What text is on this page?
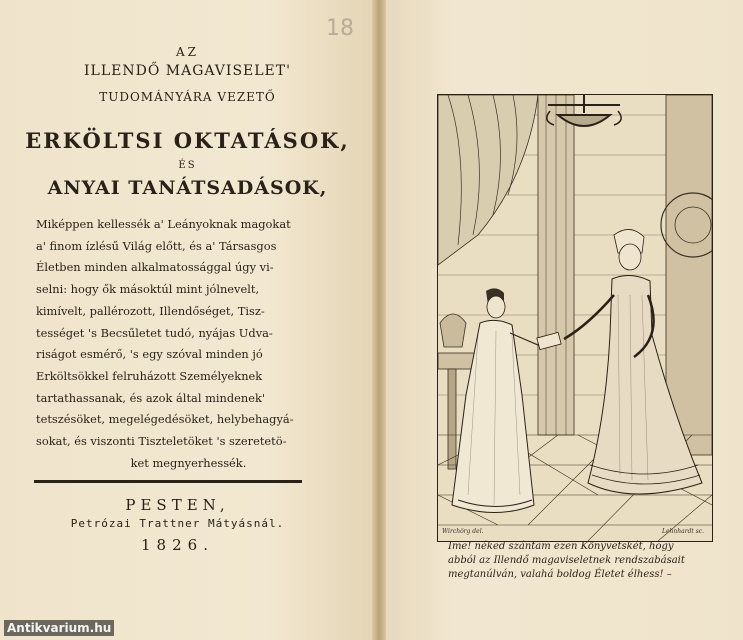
18
AZ
ILLENDŐ MAGAVISELET'
TUDOMÁNYÁRA VEZETŐ
ERKÖLTSI OKTATÁSOK,
ÉS
ANYAI TANÁTSADÁSOK,
Miképpen kellessék a' Leányoknak magokat
a' finom ízlésű Világ előtt, és a' Társasgos
Életben minden alkalmatossággal úgy vi-
selni: hogy ők másoktúl mint jólnevelt,
kimívelt, pallérozott, Illendőséget, Tisz-
tességet 's Becsűletet tudó, nyájas Udva-
riságot esmérő, 's egy szóval minden jó
Erköltsökkel felruházott Személyeknek
tartathassanak, és azok által mindenek'
tetszésöket, megelégedésöket, helybehagyá-
sokat, és viszonti Tiszteletöket 's szeretetö-
ket megnyerhessék.
PESTEN,
Petrózai Trattner Mátyásnál.
1826.
Wirchörg del.	Lehnhardt sc.
Ime! néked szántam ezen Könyvetskét, hogy
abból az Illendő magaviseletnek rendszabásait
megtanúlván, valahá boldog Életet élhess! –
Antikvarium.hu
